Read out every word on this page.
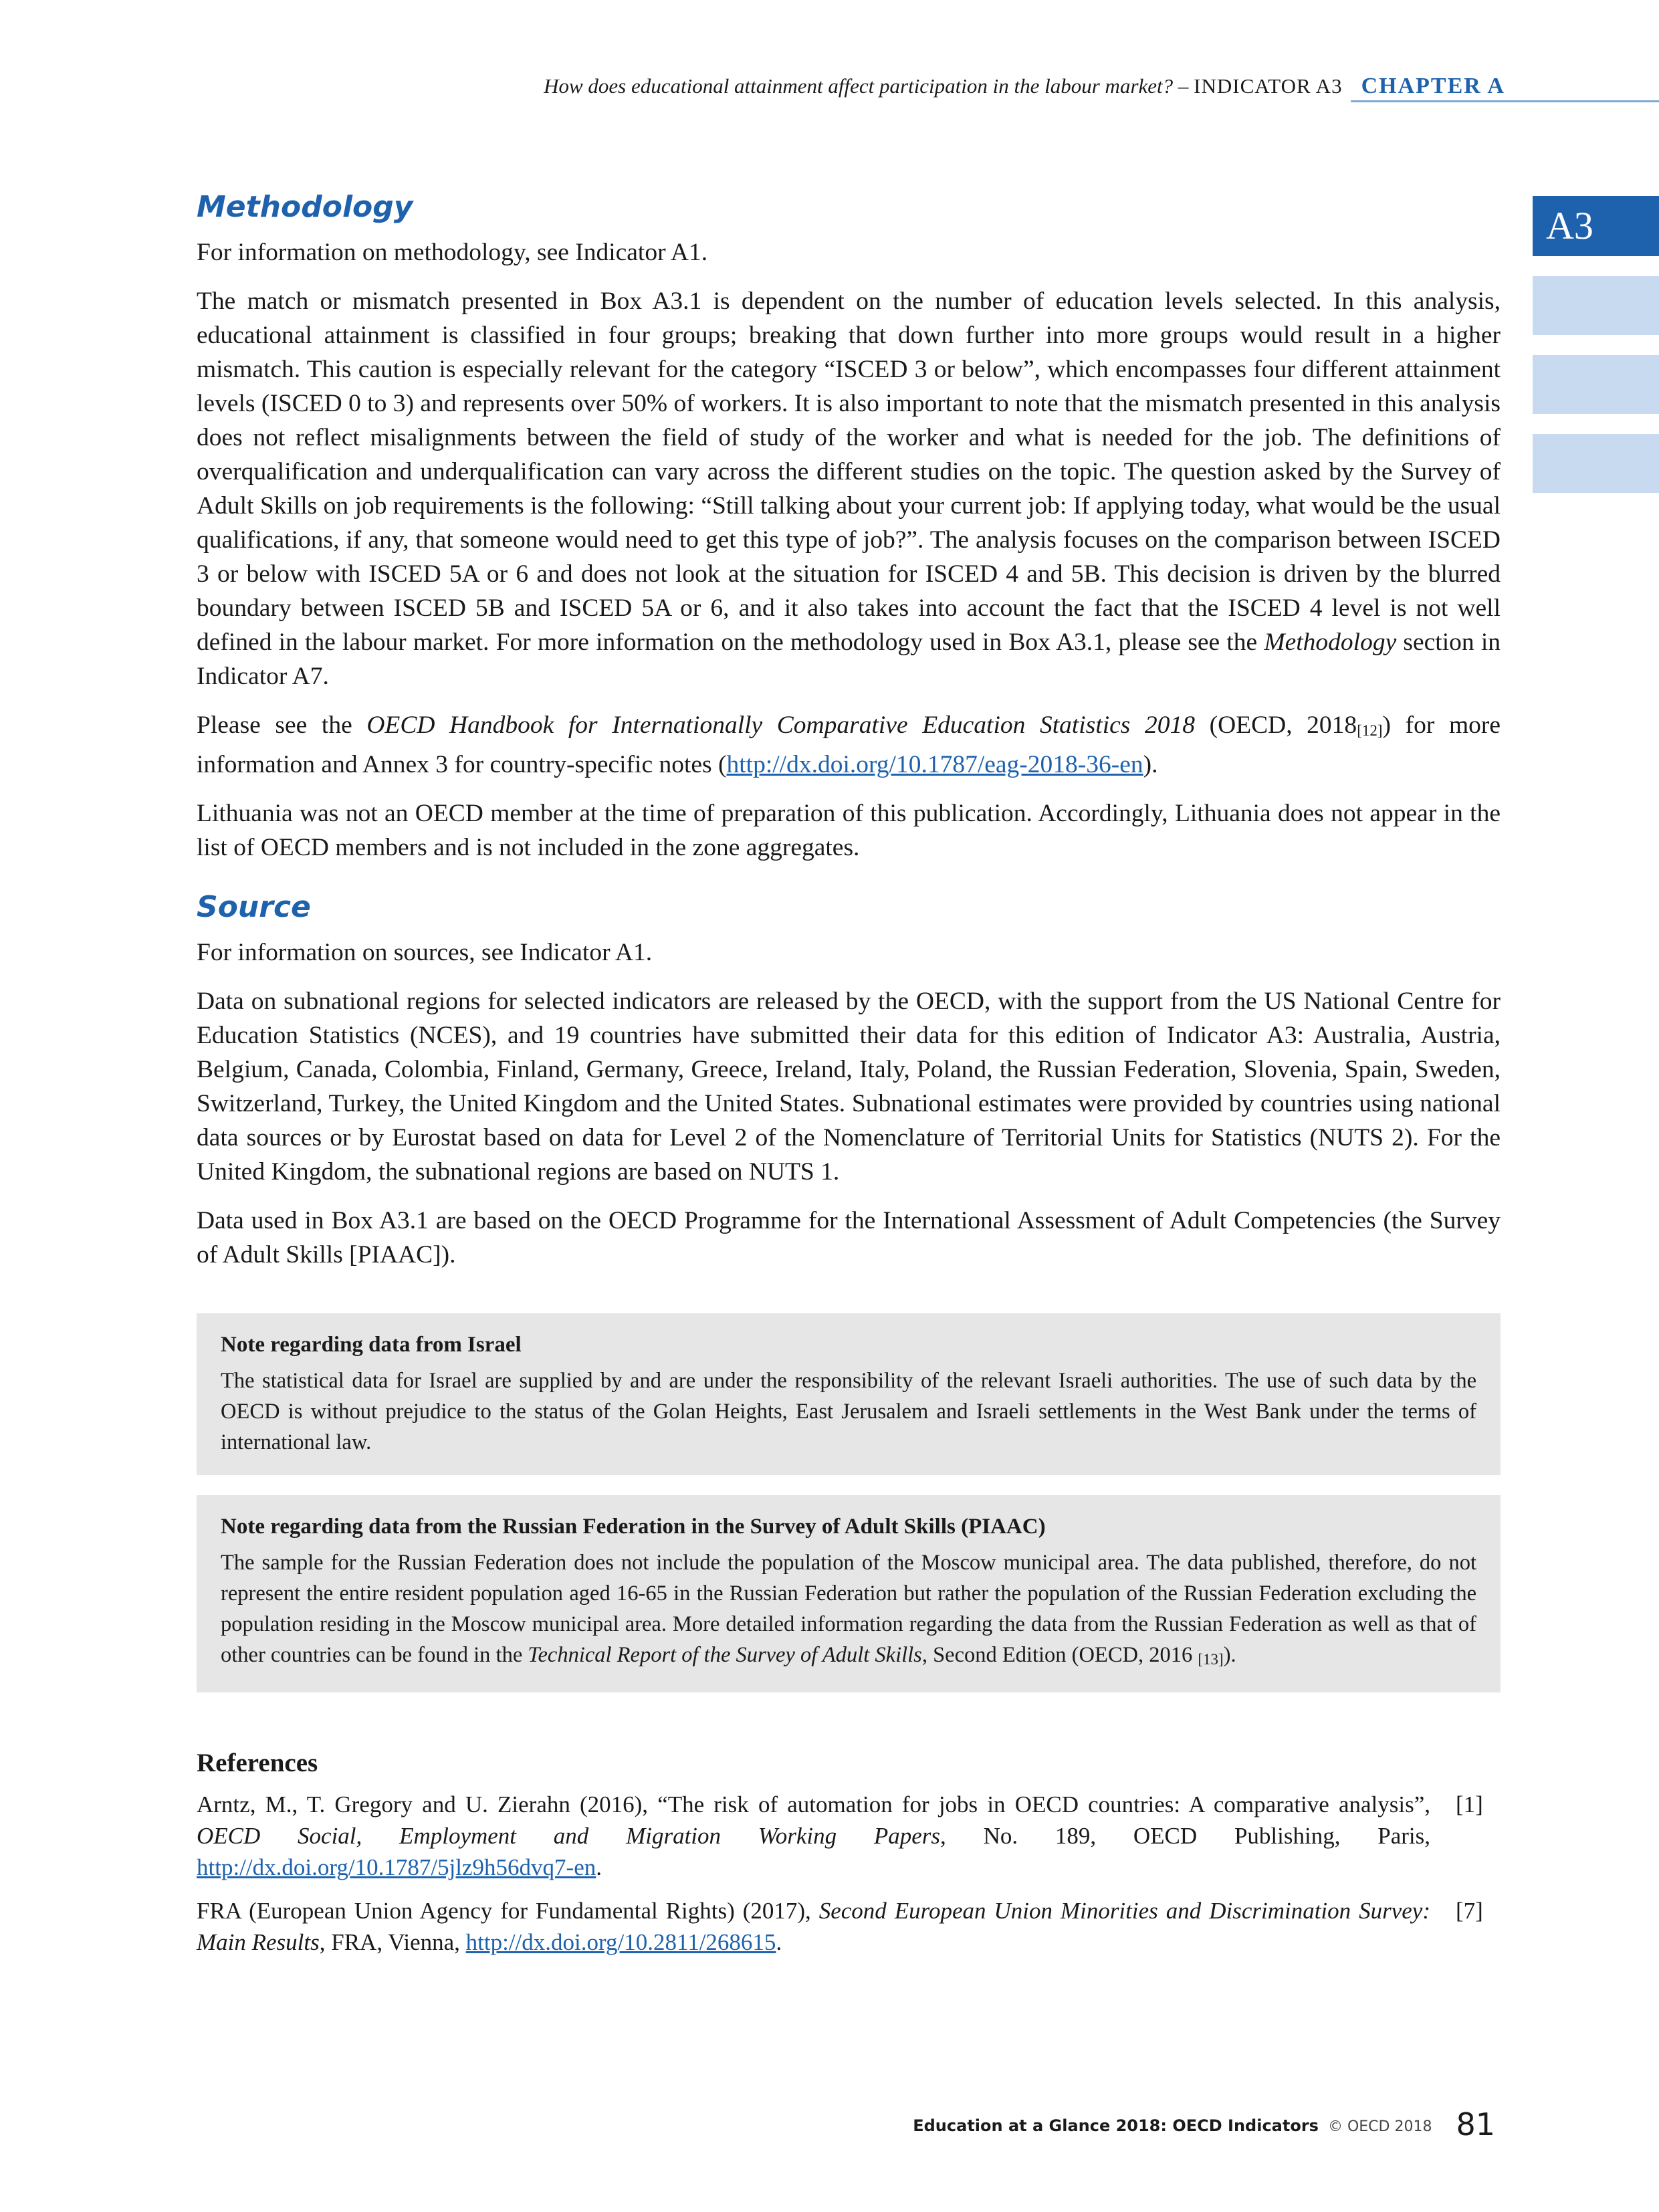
How does educational attainment affect participation in the labour market? – INDICATOR A3 CHAPTER A
A3
Methodology

For information on methodology, see Indicator A1.

The match or mismatch presented in Box A3.1 is dependent on the number of education levels selected. In this analysis, educational attainment is classified in four groups; breaking that down further into more groups would result in a higher mismatch. This caution is especially relevant for the category “ISCED 3 or below”, which encompasses four different attainment levels (ISCED 0 to 3) and represents over 50% of workers. It is also important to note that the mismatch presented in this analysis does not reflect misalignments between the field of study of the worker and what is needed for the job. The definitions of overqualification and underqualification can vary across the different studies on the topic. The question asked by the Survey of Adult Skills on job requirements is the following: “Still talking about your current job: If applying today, what would be the usual qualifications, if any, that someone would need to get this type of job?”. The analysis focuses on the comparison between ISCED 3 or below with ISCED 5A or 6 and does not look at the situation for ISCED 4 and 5B. This decision is driven by the blurred boundary between ISCED 5B and ISCED 5A or 6, and it also takes into account the fact that the ISCED 4 level is not well defined in the labour market. For more information on the methodology used in Box A3.1, please see the Methodology section in Indicator A7.

Please see the OECD Handbook for Internationally Comparative Education Statistics 2018 (OECD, 2018[12]) for more information and Annex 3 for country-specific notes (http://dx.doi.org/10.1787/eag-2018-36-en).

Lithuania was not an OECD member at the time of preparation of this publication. Accordingly, Lithuania does not appear in the list of OECD members and is not included in the zone aggregates.

Source

For information on sources, see Indicator A1.

Data on subnational regions for selected indicators are released by the OECD, with the support from the US National Centre for Education Statistics (NCES), and 19 countries have submitted their data for this edition of Indicator A3: Australia, Austria, Belgium, Canada, Colombia, Finland, Germany, Greece, Ireland, Italy, Poland, the Russian Federation, Slovenia, Spain, Sweden, Switzerland, Turkey, the United Kingdom and the United States. Subnational estimates were provided by countries using national data sources or by Eurostat based on data for Level 2 of the Nomenclature of Territorial Units for Statistics (NUTS 2). For the United Kingdom, the subnational regions are based on NUTS 1.

Data used in Box A3.1 are based on the OECD Programme for the International Assessment of Adult Competencies (the Survey of Adult Skills [PIAAC]).

Note regarding data from Israel
The statistical data for Israel are supplied by and are under the responsibility of the relevant Israeli authorities. The use of such data by the OECD is without prejudice to the status of the Golan Heights, East Jerusalem and Israeli settlements in the West Bank under the terms of international law.
Note regarding data from the Russian Federation in the Survey of Adult Skills (PIAAC)
The sample for the Russian Federation does not include the population of the Moscow municipal area. The data published, therefore, do not represent the entire resident population aged 16-65 in the Russian Federation but rather the population of the Russian Federation excluding the population residing in the Moscow municipal area. More detailed information regarding the data from the Russian Federation as well as that of other countries can be found in the Technical Report of the Survey of Adult Skills, Second Edition (OECD, 2016 [13]).
References
Arntz, M., T. Gregory and U. Zierahn (2016), “The risk of automation for jobs in OECD countries: A comparative analysis”, OECD Social, Employment and Migration Working Papers, No. 189, OECD Publishing, Paris, http://dx.doi.org/10.1787/5jlz9h56dvq7-en.
[1]
FRA (European Union Agency for Fundamental Rights) (2017), Second European Union Minorities and Discrimination Survey: Main Results, FRA, Vienna, http://dx.doi.org/10.2811/268615.
[7]
Education at a Glance 2018: OECD Indicators © OECD 2018 81
